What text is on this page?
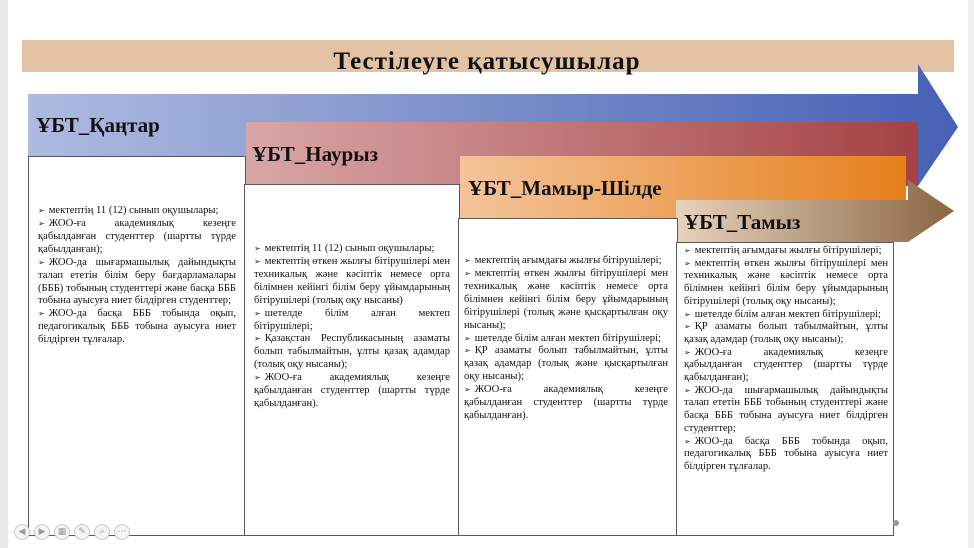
Тестілеуге қатысушылар
ҰБТ_Қаңтар
ҰБТ_Наурыз
ҰБТ_Мамыр-Шілде
ҰБТ_Тамыз

➢ мектептің 11 (12) сынып оқушылары;

➢ ЖОО-ға академиялық кезеңге қабылданған студенттер (шартты түрде қабылданған);

➢ ЖОО-да шығармашылық дайындықты талап ететін білім беру бағдарламалары (БББ) тобының студенттері және басқа БББ тобына ауысуға ниет білдірген студенттер;

➢ ЖОО-да басқа БББ тобында оқып, педагогикалық БББ тобына ауысуға ниет білдірген тұлғалар.

➢ мектептің 11 (12) сынып оқушылары;

➢ мектептің өткен жылғы бітірушілері мен техникалық және кәсіптік немесе орта білімнен кейінгі білім беру ұйымдарының бітірушілері (толық оқу нысаны)

➢ шетелде білім алған мектеп бітірушілері;

➢ Қазақстан Республикасының азаматы болып табылмайтын, ұлты қазақ адамдар (толық оқу нысаны);

➢ ЖОО-ға академиялық кезеңге қабылданған студенттер (шартты түрде қабылданған).

➢ мектептің ағымдағы жылғы бітірушілері;

➢ мектептің өткен жылғы бітірушілері мен техникалық және кәсіптік немесе орта білімнен кейінгі білім беру ұйымдарының бітірушілері (толық және қысқартылған оқу нысаны);

➢ шетелде білім алған мектеп бітірушілері;

➢ ҚР азаматы болып табылмайтын, ұлты қазақ адамдар (толық және қысқартылған оқу нысаны);

➢ ЖОО-ға академиялық кезеңге қабылданған студенттер (шартты түрде қабылданған).

➢ мектептің ағымдағы жылғы бітірушілері;

➢ мектептің өткен жылғы бітірушілері мен техникалық және кәсіптік немесе орта білімнен кейінгі білім беру ұйымдарының бітірушілері (толық оқу нысаны);

➢ шетелде білім алған мектеп бітірушілері;

➢ ҚР азаматы болып табылмайтын, ұлты қазақ адамдар (толық оқу нысаны);

➢ ЖОО-ға академиялық кезеңге қабылданған студенттер (шартты түрде қабылданған);

➢ ЖОО-да шығармашылық дайындықты талап ететін БББ тобының студенттері және басқа БББ тобына ауысуға ниет білдірген студенттер;

➢ ЖОО-да басқа БББ тобында оқып, педагогикалық БББ тобына ауысуға ниет білдірген тұлғалар.

◀	▶	▦	✎	⌕	⋯
